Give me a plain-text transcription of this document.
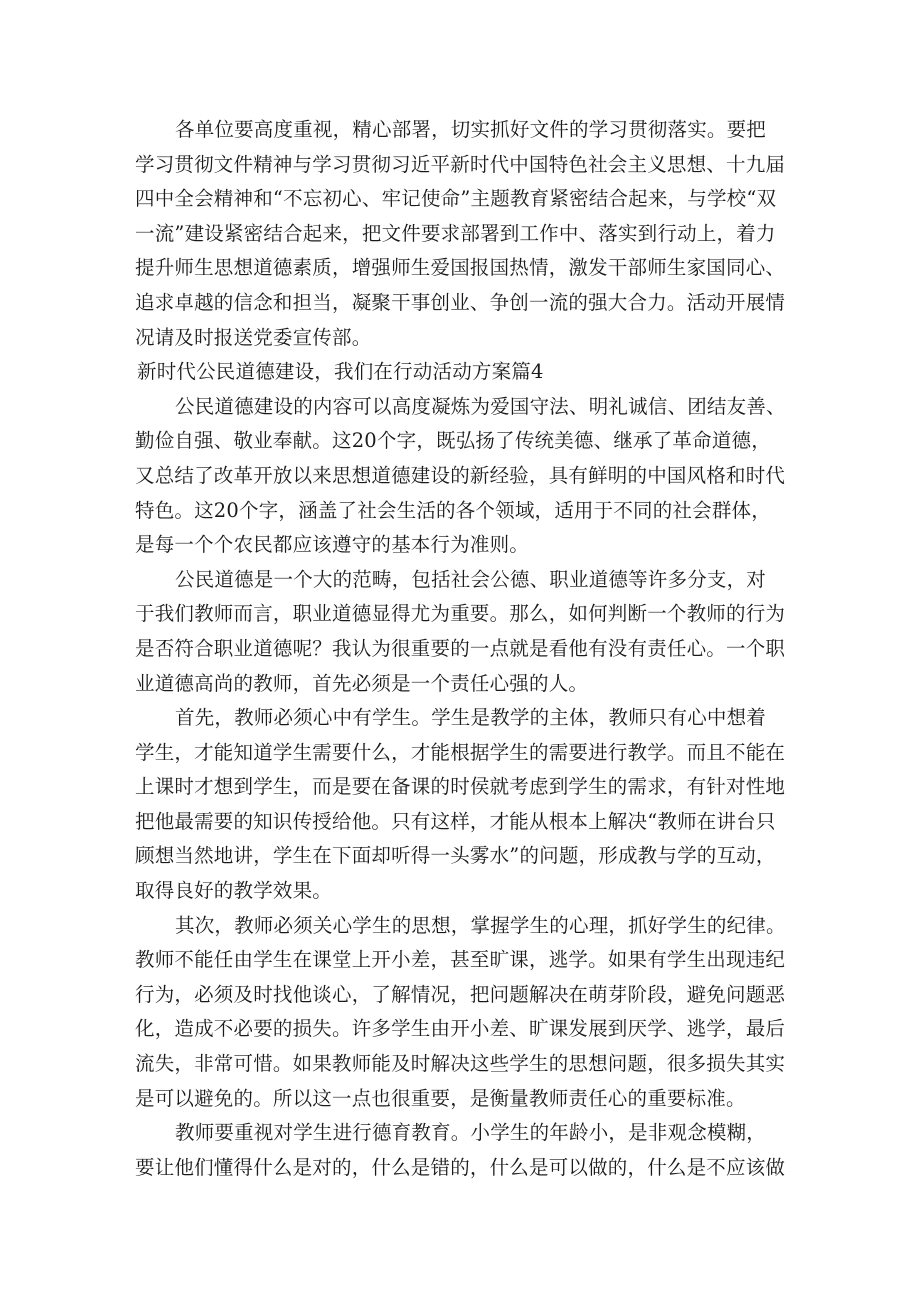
各单位要高度重视，精心部署，切实抓好文件的学习贯彻落实。要把
学习贯彻文件精神与学习贯彻习近平新时代中国特色社会主义思想、十九届
四中全会精神和“不忘初心、牢记使命”主题教育紧密结合起来，与学校“双
一流”建设紧密结合起来，把文件要求部署到工作中、落实到行动上，着力
提升师生思想道德素质，增强师生爱国报国热情，激发干部师生家国同心、
追求卓越的信念和担当，凝聚干事创业、争创一流的强大合力。活动开展情
况请及时报送党委宣传部。
新时代公民道德建设，我们在行动活动方案篇4
公民道德建设的内容可以高度凝炼为爱国守法、明礼诚信、团结友善、
勤俭自强、敬业奉献。这20个字，既弘扬了传统美德、继承了革命道德，
又总结了改革开放以来思想道德建设的新经验，具有鲜明的中国风格和时代
特色。这20个字，涵盖了社会生活的各个领域，适用于不同的社会群体，
是每一个个农民都应该遵守的基本行为准则。
公民道德是一个大的范畴，包括社会公德、职业道德等许多分支，对
于我们教师而言，职业道德显得尤为重要。那么，如何判断一个教师的行为
是否符合职业道德呢？我认为很重要的一点就是看他有没有责任心。一个职
业道德高尚的教师，首先必须是一个责任心强的人。
首先，教师必须心中有学生。学生是教学的主体，教师只有心中想着
学生，才能知道学生需要什么，才能根据学生的需要进行教学。而且不能在
上课时才想到学生，而是要在备课的时侯就考虑到学生的需求，有针对性地
把他最需要的知识传授给他。只有这样，才能从根本上解决“教师在讲台只
顾想当然地讲，学生在下面却听得一头雾水”的问题，形成教与学的互动，
取得良好的教学效果。
其次，教师必须关心学生的思想，掌握学生的心理，抓好学生的纪律。
教师不能任由学生在课堂上开小差，甚至旷课，逃学。如果有学生出现违纪
行为，必须及时找他谈心，了解情况，把问题解决在萌芽阶段，避免问题恶
化，造成不必要的损失。许多学生由开小差、旷课发展到厌学、逃学，最后
流失，非常可惜。如果教师能及时解决这些学生的思想问题，很多损失其实
是可以避免的。所以这一点也很重要，是衡量教师责任心的重要标准。
教师要重视对学生进行德育教育。小学生的年龄小，是非观念模糊，
要让他们懂得什么是对的，什么是错的，什么是可以做的，什么是不应该做
